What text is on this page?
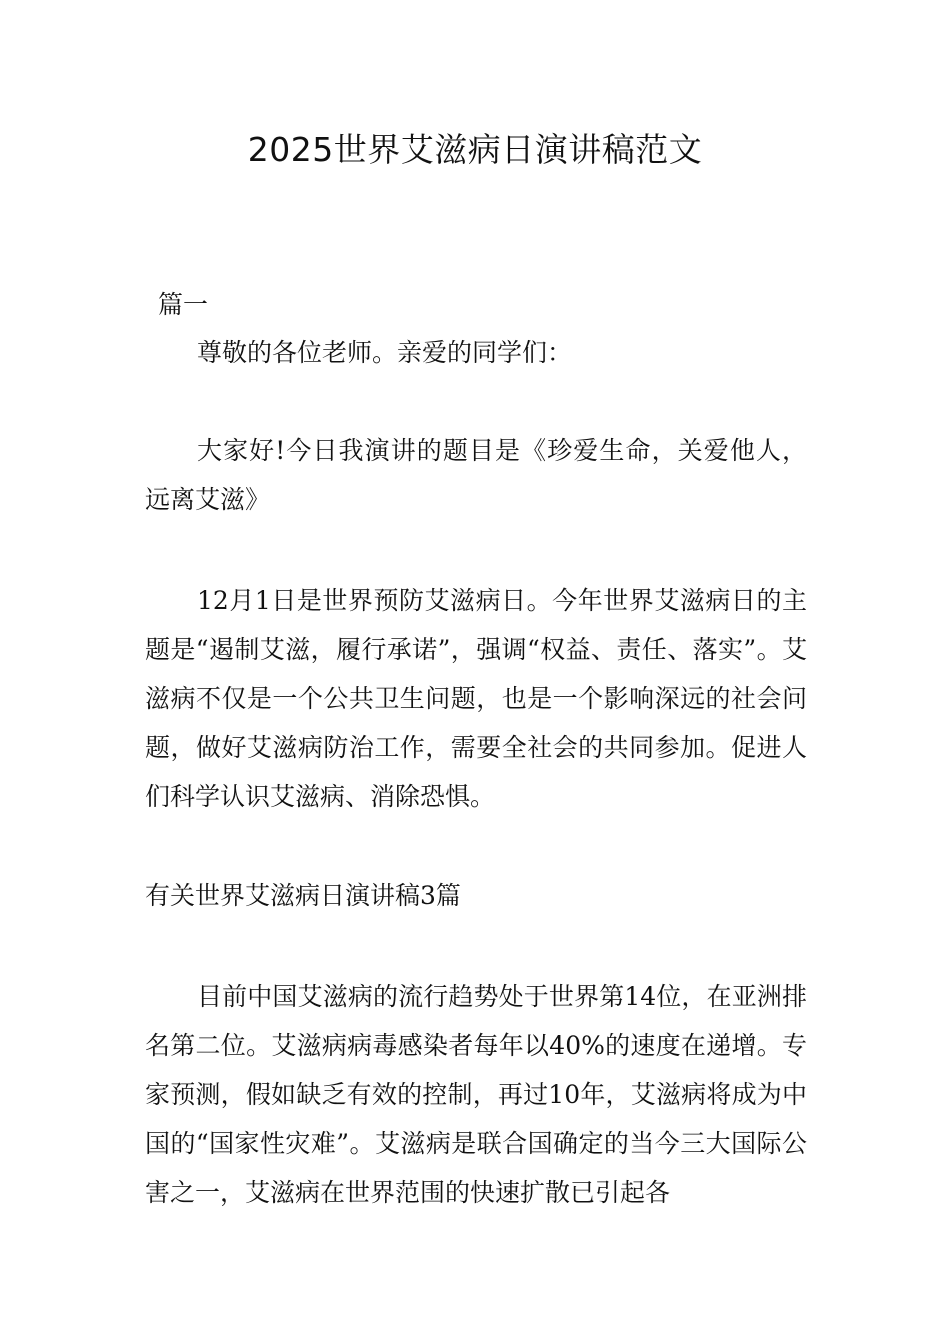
2025世界艾滋病日演讲稿范文

篇一

尊敬的各位老师。亲爱的同学们：

大家好!今日我演讲的题目是《珍爱生命，关爱他人，远离艾滋》

12月1日是世界预防艾滋病日。今年世界艾滋病日的主题是“遏制艾滋，履行承诺”，强调“权益、责任、落实”。艾滋病不仅是一个公共卫生问题，也是一个影响深远的社会问题，做好艾滋病防治工作，需要全社会的共同参加。促进人们科学认识艾滋病、消除恐惧。

有关世界艾滋病日演讲稿3篇

目前中国艾滋病的流行趋势处于世界第14位，在亚洲排名第二位。艾滋病病毒感染者每年以40%的速度在递增。专家预测，假如缺乏有效的控制，再过10年，艾滋病将成为中国的“国家性灾难”。艾滋病是联合国确定的当今三大国际公害之一，艾滋病在世界范围的快速扩散已引起各
